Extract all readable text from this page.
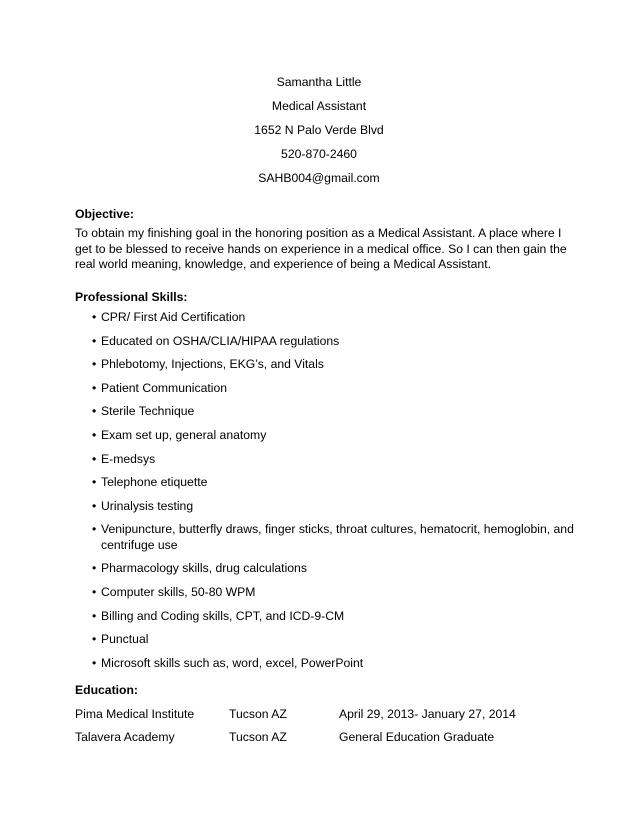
Samantha Little
Medical Assistant
1652 N Palo Verde Blvd
520-870-2460
SAHB004@gmail.com
Objective:
To obtain my finishing goal in the honoring position as a Medical Assistant. A place where I get to be blessed to receive hands on experience in a medical office. So I can then gain the real world meaning, knowledge, and experience of being a Medical Assistant.
Professional Skills:
• CPR/ First Aid Certification
• Educated on OSHA/CLIA/HIPAA regulations
• Phlebotomy, Injections, EKG’s, and Vitals
• Patient Communication
• Sterile Technique
• Exam set up, general anatomy
• E-medsys
• Telephone etiquette
• Urinalysis testing
• Venipuncture, butterfly draws, finger sticks, throat cultures, hematocrit, hemoglobin, and centrifuge use
• Pharmacology skills, drug calculations
• Computer skills, 50-80 WPM
• Billing and Coding skills, CPT, and ICD-9-CM
• Punctual
• Microsoft skills such as, word, excel, PowerPoint
Education:
Pima Medical Institute	Tucson AZ	April 29, 2013- January 27, 2014
Talavera Academy	Tucson AZ	General Education Graduate
